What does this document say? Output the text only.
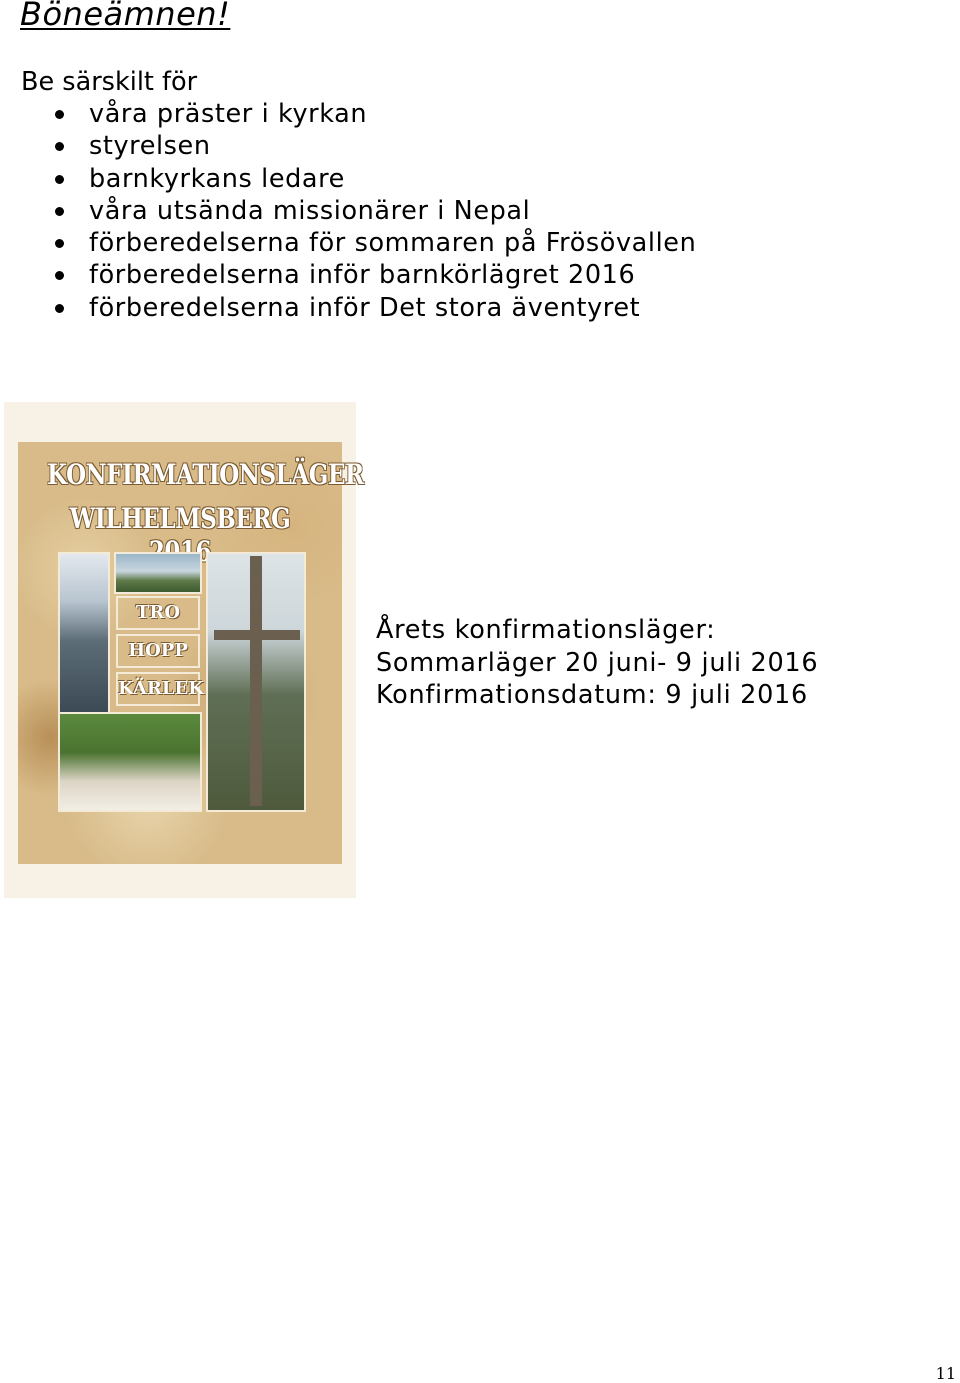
Böneämnen!

Be särskilt för

våra präster i kyrkan
styrelsen
barnkyrkans ledare
våra utsända missionärer i Nepal
förberedelserna för sommaren på Frösövallen
förberedelserna inför barnkörlägret 2016
förberedelserna inför Det stora äventyret
KONFIRMATIONSLÄGER
WILHELMSBERG
TRO
HOPP
KÄRLEK
Årets konfirmationsläger:
Sommarläger 20 juni- 9 juli 2016
Konfirmationsdatum: 9 juli 2016
11
